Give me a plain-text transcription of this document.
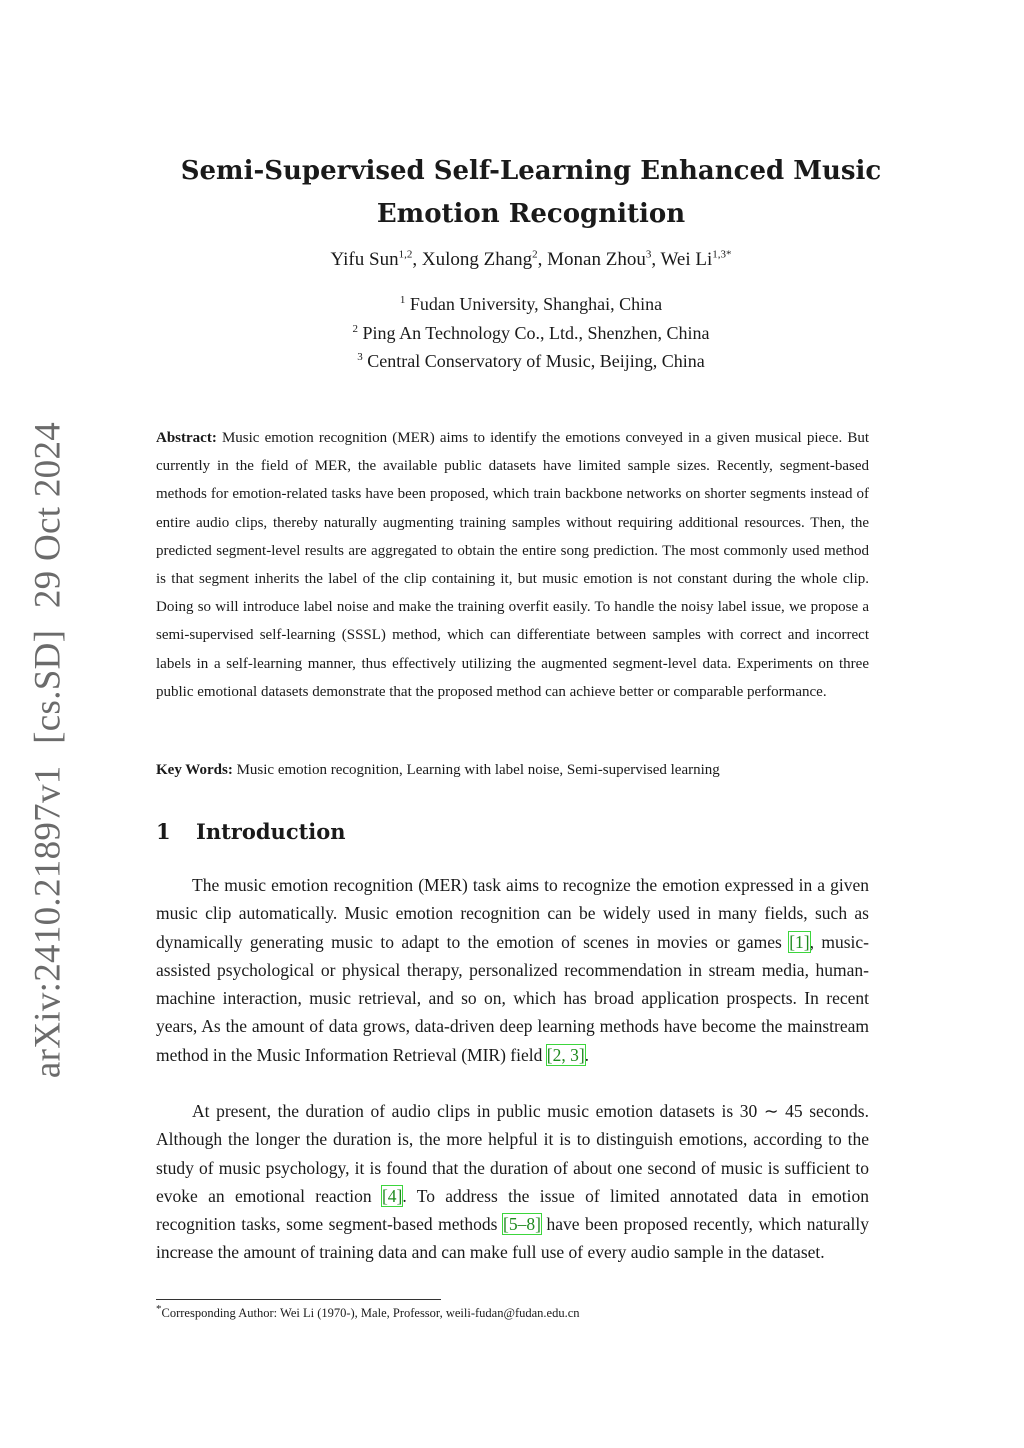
arXiv:2410.21897v1 [cs.SD] 29 Oct 2024
Semi-Supervised Self-Learning Enhanced Music
Emotion Recognition
Yifu Sun$^{1,2}$, Xulong Zhang$^2$, Monan Zhou$^3$, Wei $Li^{1,3*}$
$^1$ Fudan University, Shanghai, China
$^2$ Ping An Technology Co., Ltd., Shenzhen, China
$^3$ Central Conservatory of Music, Beijing, China
Abstract: Music emotion recognition (MER) aims to identify the emotions conveyed in a given musical piece. But currently in the field of MER, the available public datasets have limited sample sizes. Recently, segment-based methods for emotion-related tasks have been proposed, which train backbone networks on shorter segments instead of entire audio clips, thereby naturally augmenting training samples without requiring additional resources. Then, the predicted segment-level results are aggregated to obtain the entire song prediction. The most commonly used method is that segment inherits the label of the clip containing it, but music emotion is not constant during the whole clip. Doing so will introduce label noise and make the training overfit easily. To handle the noisy label issue, we propose a semi-supervised self-learning (SSSL) method, which can differentiate between samples with correct and incorrect labels in a self-learning manner, thus effectively utilizing the augmented segment-level data. Experiments on three public emotional datasets demonstrate that the proposed method can achieve better or comparable performance.
Key Words: Music emotion recognition, Learning with label noise, Semi-supervised learning
1 Introduction

The music emotion recognition (MER) task aims to recognize the emotion expressed in a given music clip automatically. Music emotion recognition can be widely used in many fields, such as dynamically generating music to adapt to the emotion of scenes in movies or games [1], music-assisted psychological or physical therapy, personalized recommendation in stream media, human-machine interaction, music retrieval, and so on, which has broad application prospects. In recent years, As the amount of data grows, data-driven deep learning methods have become the mainstream method in the Music Information Retrieval (MIR) field [2, 3].

At present, the duration of audio clips in public music emotion datasets is 30 ∼ 45 seconds. Although the longer the duration is, the more helpful it is to distinguish emotions, according to the study of music psychology, it is found that the duration of about one second of music is sufficient to evoke an emotional reaction [4]. To address the issue of limited annotated data in emotion recognition tasks, some segment-based methods [5–8] have been proposed recently, which naturally increase the amount of training data and can make full use of every audio sample in the dataset.

*Corresponding Author: Wei Li (1970-), Male, Professor, weili-fudan@fudan.edu.cn
